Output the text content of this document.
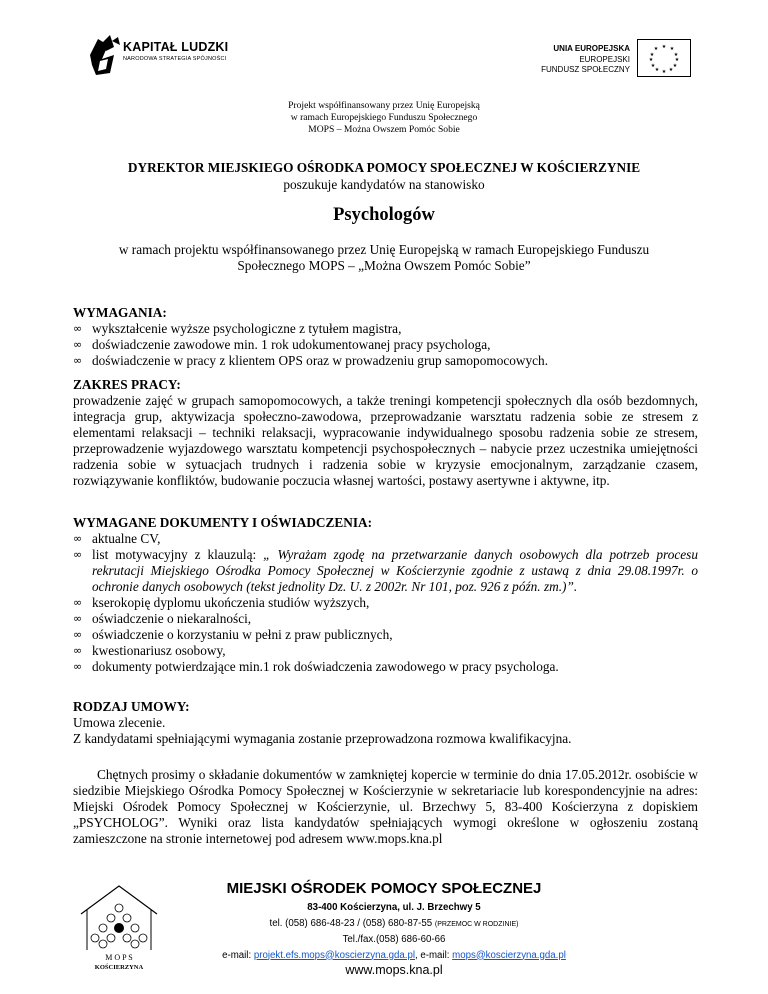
KAPITAŁ LUDZKI
NARODOWA STRATEGIA SPÓJNOŚCI
UNIA EUROPEJSKA
EUROPEJSKI
FUNDUSZ SPOŁECZNY
★ ★
★
★
★
★
★
★
★
★
★
★
Projekt współfinansowany przez Unię Europejską
w ramach Europejskiego Funduszu Społecznego
MOPS – Można Owszem Pomóc Sobie
DYREKTOR MIEJSKIEGO OŚRODKA POMOCY SPOŁECZNEJ W KOŚCIERZYNIE
poszukuje kandydatów na stanowisko
Psychologów
w ramach projektu współfinansowanego przez Unię Europejską w ramach Europejskiego Funduszu
Społecznego MOPS – „Można Owszem Pomóc Sobie”
WYMAGANIA:
∞ wykształcenie wyższe psychologiczne z tytułem magistra,
∞ doświadczenie zawodowe min. 1 rok udokumentowanej pracy psychologa,
∞ doświadczenie w pracy z klientem OPS oraz w prowadzeniu grup samopomocowych.
ZAKRES PRACY:
prowadzenie zajęć w grupach samopomocowych, a także treningi kompetencji społecznych dla osób bezdomnych, integracja grup, aktywizacja społeczno-zawodowa, przeprowadzanie warsztatu radzenia sobie ze stresem z elementami relaksacji – techniki relaksacji, wypracowanie indywidualnego sposobu radzenia sobie ze stresem, przeprowadzenie wyjazdowego warsztatu kompetencji psychospołecznych – nabycie przez uczestnika umiejętności radzenia sobie w sytuacjach trudnych i radzenia sobie w kryzysie emocjonalnym, zarządzanie czasem, rozwiązywanie konfliktów, budowanie poczucia własnej wartości, postawy asertywne i aktywne, itp.
WYMAGANE DOKUMENTY I OŚWIADCZENIA:
∞ aktualne CV,
∞ list motywacyjny z klauzulą: „ Wyrażam zgodę na przetwarzanie danych osobowych dla potrzeb procesu rekrutacji Miejskiego Ośrodka Pomocy Społecznej w Kościerzynie zgodnie z ustawą z dnia 29.08.1997r. o ochronie danych osobowych (tekst jednolity Dz. U. z 2002r. Nr 101, poz. 926 z późn. zm.)”.
∞ kserokopię dyplomu ukończenia studiów wyższych,
∞ oświadczenie o niekaralności,
∞ oświadczenie o korzystaniu w pełni z praw publicznych,
∞ kwestionariusz osobowy,
∞ dokumenty potwierdzające min.1 rok doświadczenia zawodowego w pracy psychologa.
RODZAJ UMOWY:
Umowa zlecenie.
Z kandydatami spełniającymi wymagania zostanie przeprowadzona rozmowa kwalifikacyjna.
Chętnych prosimy o składanie dokumentów w zamkniętej kopercie w terminie do dnia 17.05.2012r. osobiście w siedzibie Miejskiego Ośrodka Pomocy Społecznej w Kościerzynie w sekretariacie lub korespondencyjnie na adres: Miejski Ośrodek Pomocy Społecznej w Kościerzynie, ul. Brzechwy 5, 83-400 Kościerzyna z dopiskiem „PSYCHOLOG”. Wyniki oraz lista kandydatów spełniających wymogi określone w ogłoszeniu zostaną zamieszczone na stronie internetowej pod adresem www.mops.kna.pl
M O P S
KOŚCIERZYNA
MIEJSKI OŚRODEK POMOCY SPOŁECZNEJ
83-400 Kościerzyna, ul. J. Brzechwy 5
tel. (058) 686-48-23 / (058) 680-87-55 (PRZEMOC W RODZINIE)
Tel./fax.(058) 686-60-66
e-mail: projekt.efs.mops@koscierzyna.gda.pl, e-mail: mops@koscierzyna.gda.pl
www.mops.kna.pl
